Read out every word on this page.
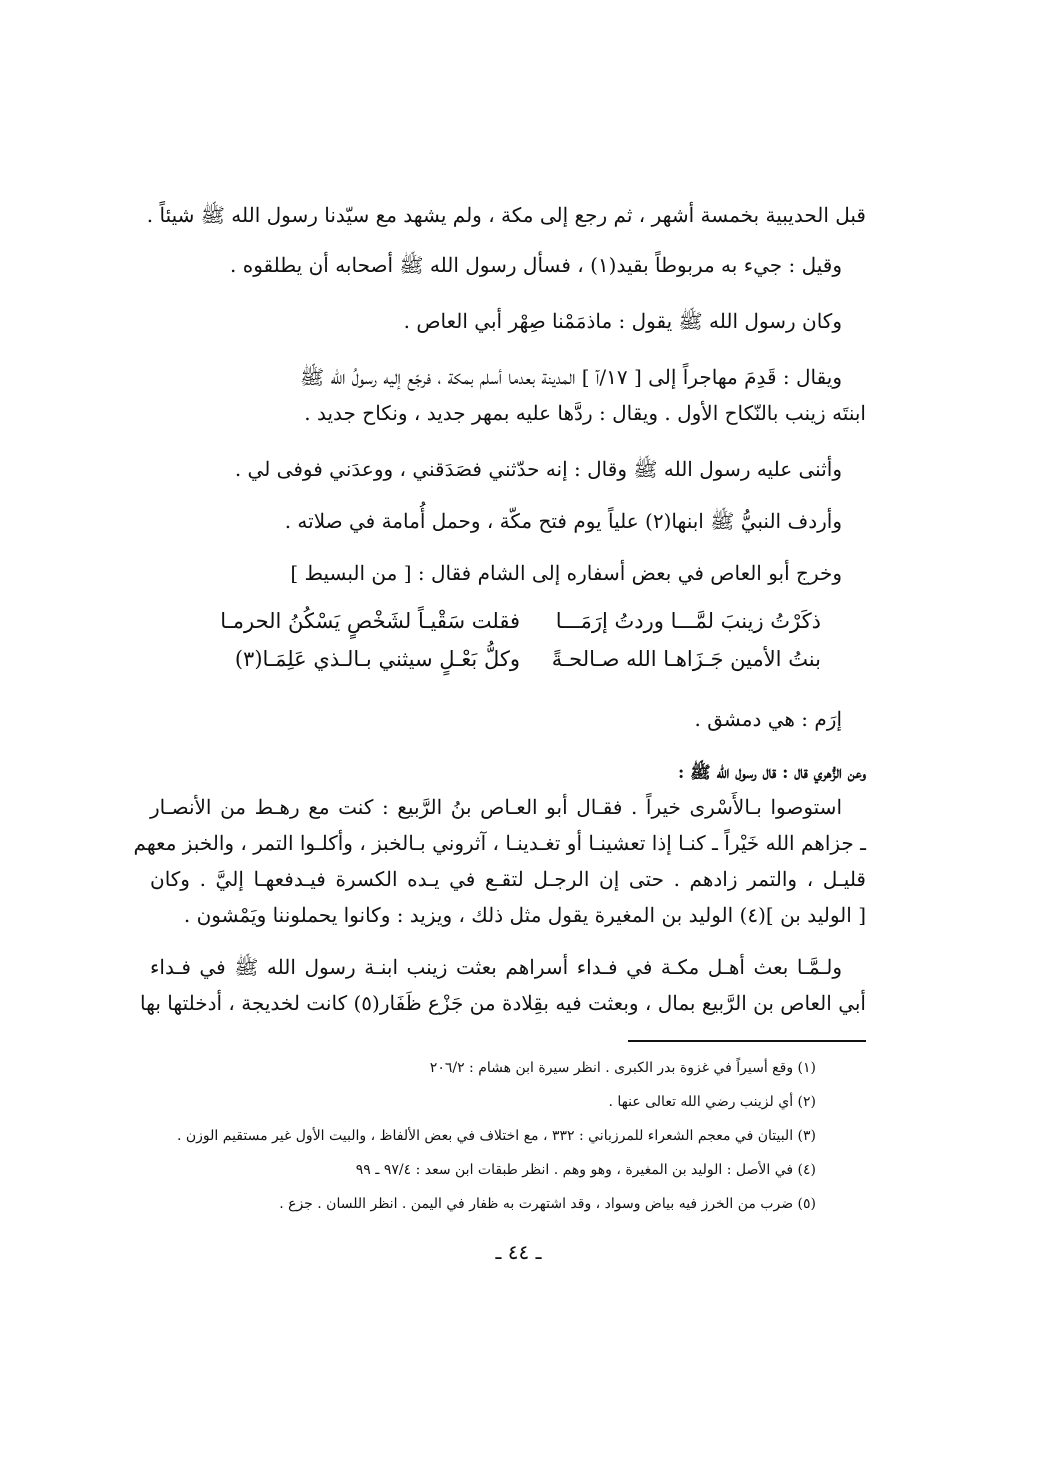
قبل الحديبية بخمسة أشهر ، ثم رجع إلى مكة ، ولم يشهد مع سيّدنا رسول الله ﷺ شيئاً .
وقيل : جيء به مربوطاً بقيد(١) ، فسأل رسول الله ﷺ أصحابه أن يطلقوه .
وكان رسول الله ﷺ يقول : ماذمَمْنا صِهْر أبي العاص .
ويقال : قَدِمَ مهاجراً إلى [ ١٧/آ ] المدينة بعدما أسلم بمكة ، فرجّع إليه رسولُ الله ﷺ
ابنتَه زينب بالنّكاح الأول . ويقال : ردَّها عليه بمهر جديد ، ونكاح جديد .
وأثنى عليه رسول الله ﷺ وقال : إنه حدّثني فصَدَقني ، ووعدَني فوفى لي .
وأردف النبيُّ ﷺ ابنها(٢) علياً يوم فتح مكّة ، وحمل أُمامة في صلاته .
وخرج أبو العاص في بعض أسفاره إلى الشام فقال : [ من البسيط ]
ذكَرْتُ زينبَ لمَّـــا وردتُ إرَمَـــا
فقلت سَقْيـاً لشَخْصٍ يَسْكُنُ الحرمـا
بنتُ الأمين جَـزَاهـا الله صـالحـةً
وكلُّ بَعْـلٍ سيثني بـالـذي عَلِمَـا(٣)
إرَم : هي دمشق .
وعن الزُّهري قال : قال رسول الله ﷺ :
استوصوا بـالأَسْرى خيراً . فقـال أبو العـاص بنُ الرَّبيع : كنت مع رهـط من الأنصـار
ـ جزاهم الله خَيْراً ـ كنـا إذا تعشينـا أو تغـدينـا ، آثروني بـالخبز ، وأكلـوا التمر ، والخبز معهم
قليـل ، والتمر زادهم . حتى إن الرجـل لتقـع في يـده الكسرة فيـدفعهـا إليَّ . وكان
[ الوليد بن ](٤) الوليد بن المغيرة يقول مثل ذلك ، ويزيد : وكانوا يحملوننا ويَمْشون .
ولـمَّـا بعث أهـل مكـة في فـداء أسراهم بعثت زينب ابنـة رسول الله ﷺ في فـداء
أبي العاص بن الرَّبيع بمال ، وبعثت فيه بقِلادة من جَزْع ظَفَار(٥) كانت لخديجة ، أدخلتها بها
(١) وقع أسيراً في غزوة بدر الكبرى . انظر سيرة ابن هشام : ٢٠٦/٢
(٢) أي لزينب رضي الله تعالى عنها .
(٣) البيتان في معجم الشعراء للمرزباني : ٣٣٢ ، مع اختلاف في بعض الألفاظ ، والبيت الأول غير مستقيم الوزن .
(٤) في الأصل : الوليد بن المغيرة ، وهو وهم . انظر طبقات ابن سعد : ٩٧/٤ ـ ٩٩
(٥) ضرب من الخرز فيه بياض وسواد ، وقد اشتهرت به ظفار في اليمن . انظر اللسان . جزع .
ـ ٤٤ ـ
